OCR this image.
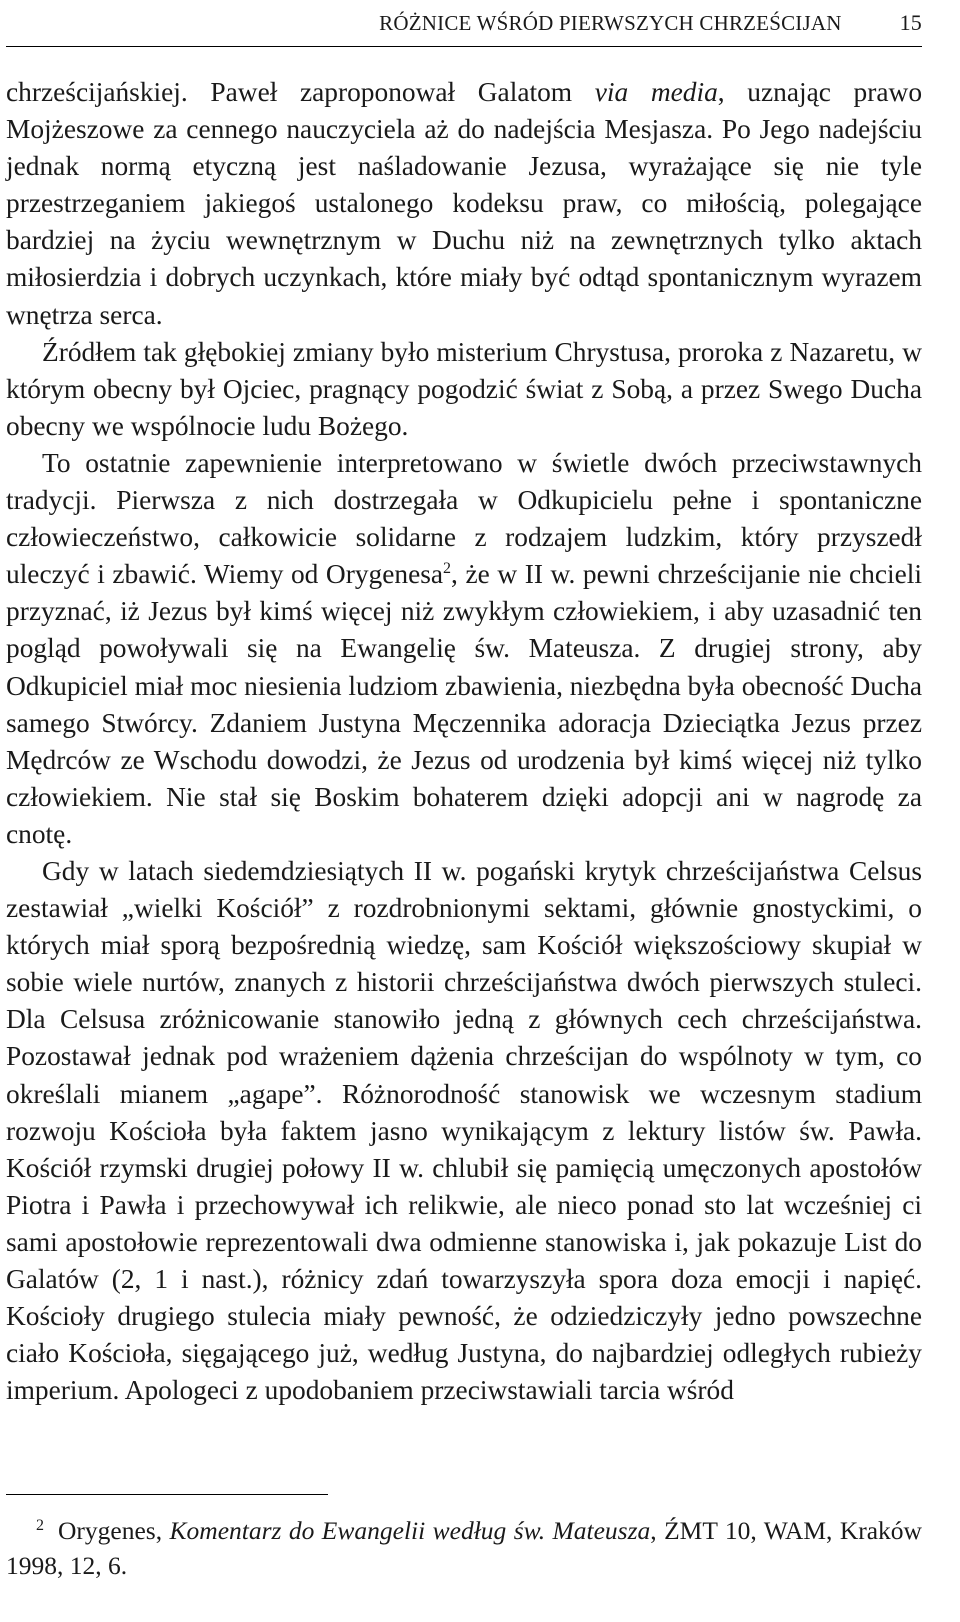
RÓŻNICE WŚRÓD PIERWSZYCH CHRZEŚCIJAN	15

chrześcijańskiej. Paweł zaproponował Galatom via media, uznając prawo Mojżeszowe za cennego nauczyciela aż do nadejścia Mesjasza. Po Jego nadejściu jednak normą etyczną jest naśladowanie Jezusa, wyrażające się nie tyle przestrzeganiem jakiegoś ustalonego kodeksu praw, co miłością, polegające bardziej na życiu wewnętrznym w Duchu niż na zewnętrznych tylko aktach miłosierdzia i dobrych uczynkach, które miały być odtąd spontanicznym wyrazem wnętrza serca.

Źródłem tak głębokiej zmiany było misterium Chrystusa, proroka z Nazaretu, w którym obecny był Ojciec, pragnący pogodzić świat z Sobą, a przez Swego Ducha obecny we wspólnocie ludu Bożego.

To ostatnie zapewnienie interpretowano w świetle dwóch przeciwstawnych tradycji. Pierwsza z nich dostrzegała w Odkupicielu pełne i spontaniczne człowieczeństwo, całkowicie solidarne z rodzajem ludzkim, który przyszedł uleczyć i zbawić. Wiemy od Orygenesa$^2$, że w II w. pewni chrześcijanie nie chcieli przyznać, iż Jezus był kimś więcej niż zwykłym człowiekiem, i aby uzasadnić ten pogląd powoływali się na Ewangelię św. Mateusza. Z drugiej strony, aby Odkupiciel miał moc niesienia ludziom zbawienia, niezbędna była obecność Ducha samego Stwórcy. Zdaniem Justyna Męczennika adoracja Dzieciątka Jezus przez Mędrców ze Wschodu dowodzi, że Jezus od urodzenia był kimś więcej niż tylko człowiekiem. Nie stał się Boskim bohaterem dzięki adopcji ani w nagrodę za cnotę.

Gdy w latach siedemdziesiątych II w. pogański krytyk chrześcijaństwa Celsus zestawiał „wielki Kościół” z rozdrobnionymi sektami, głównie gnostyckimi, o których miał sporą bezpośrednią wiedzę, sam Kościół większościowy skupiał w sobie wiele nurtów, znanych z historii chrześcijaństwa dwóch pierwszych stuleci. Dla Celsusa zróżnicowanie stanowiło jedną z głównych cech chrześcijaństwa. Pozostawał jednak pod wrażeniem dążenia chrześcijan do wspólnoty w tym, co określali mianem „agape”. Różnorodność stanowisk we wczesnym stadium rozwoju Kościoła była faktem jasno wynikającym z lektury listów św. Pawła. Kościół rzymski drugiej połowy II w. chlubił się pamięcią umęczonych apostołów Piotra i Pawła i przechowywał ich relikwie, ale nieco ponad sto lat wcześniej ci sami apostołowie reprezentowali dwa odmienne stanowiska i, jak pokazuje List do Galatów (2, 1 i nast.), różnicy zdań towarzyszyła spora doza emocji i napięć. Kościoły drugiego stulecia miały pewność, że odziedziczyły jedno powszechne ciało Kościoła, sięgającego już, według Justyna, do najbardziej odległych rubieży imperium. Apologeci z upodobaniem przeciwstawiali tarcia wśród

$^2$ Orygenes, Komentarz do Ewangelii według św. Mateusza, ŹMT 10, WAM, Kraków 1998, 12, 6.
